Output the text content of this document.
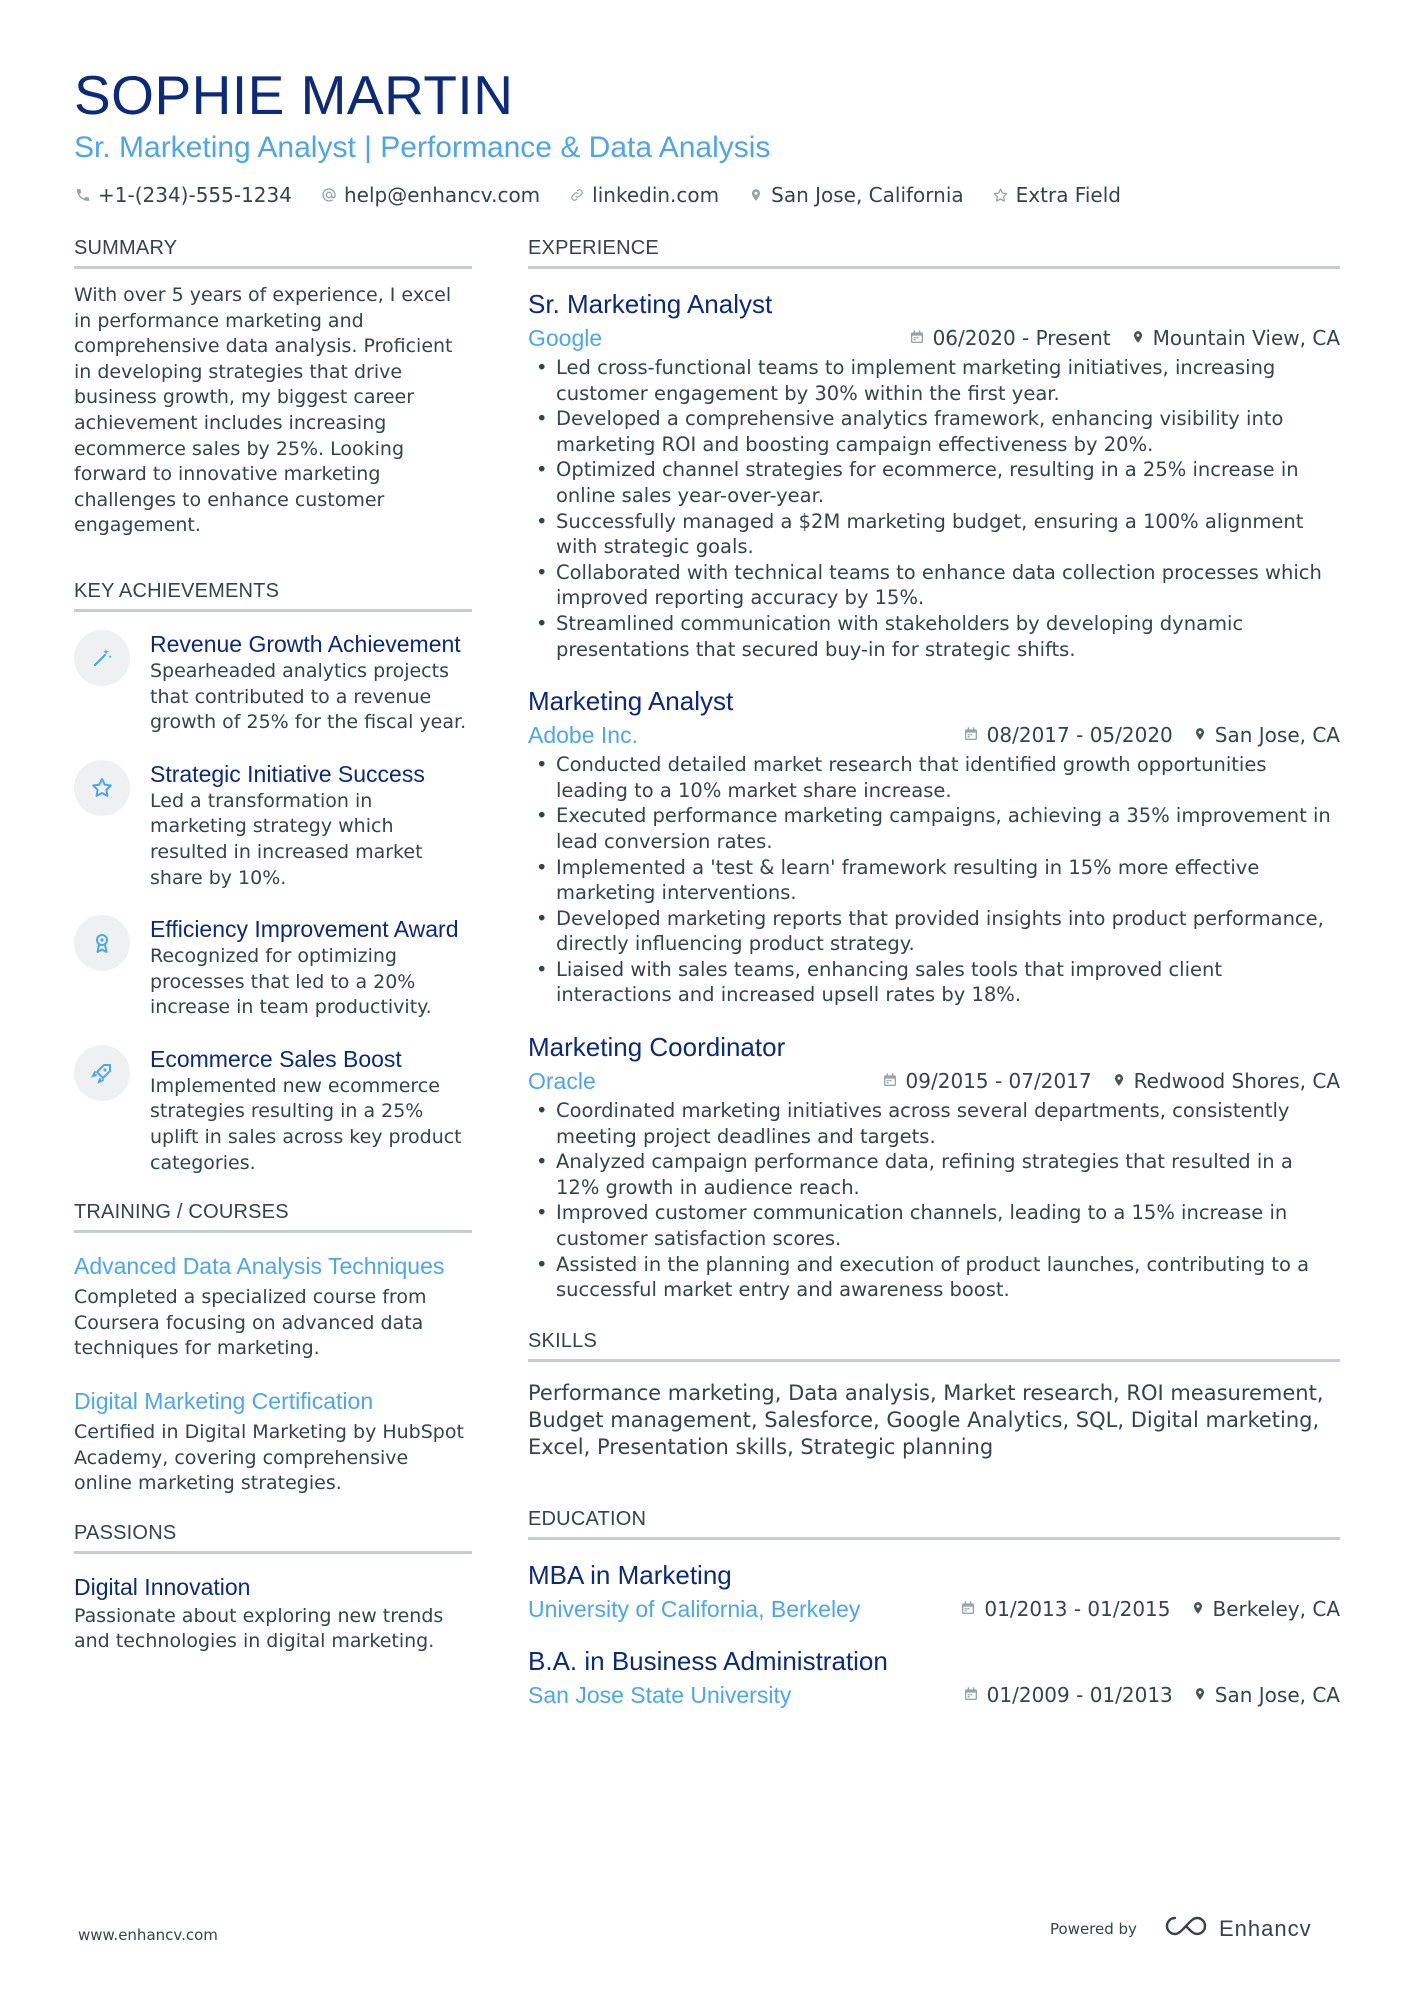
SOPHIE MARTIN
Sr. Marketing Analyst | Performance & Data Analysis
+1-(234)-555-1234	help@enhancv.com	linkedin.com	San Jose, California	Extra Field
SUMMARY
With over 5 years of experience, I excel in performance marketing and comprehensive data analysis. Proficient in developing strategies that drive business growth, my biggest career achievement includes increasing ecommerce sales by 25%. Looking forward to innovative marketing challenges to enhance customer engagement.
KEY ACHIEVEMENTS
Revenue Growth Achievement
Spearheaded analytics projects that contributed to a revenue growth of 25% for the fiscal year.
Strategic Initiative Success
Led a transformation in marketing strategy which resulted in increased market share by 10%.
Efficiency Improvement Award
Recognized for optimizing processes that led to a 20% increase in team productivity.
Ecommerce Sales Boost
Implemented new ecommerce strategies resulting in a 25% uplift in sales across key product categories.
TRAINING / COURSES
Advanced Data Analysis Techniques
Completed a specialized course from Coursera focusing on advanced data techniques for marketing.
Digital Marketing Certification
Certified in Digital Marketing by HubSpot Academy, covering comprehensive online marketing strategies.
PASSIONS
Digital Innovation
Passionate about exploring new trends and technologies in digital marketing.
EXPERIENCE
Sr. Marketing Analyst
Google	06/2020 - Present Mountain View, CA
• Led cross-functional teams to implement marketing initiatives, increasing customer engagement by 30% within the first year.
• Developed a comprehensive analytics framework, enhancing visibility into marketing ROI and boosting campaign effectiveness by 20%.
• Optimized channel strategies for ecommerce, resulting in a 25% increase in online sales year-over-year.
• Successfully managed a $2M marketing budget, ensuring a 100% alignment with strategic goals.
• Collaborated with technical teams to enhance data collection processes which improved reporting accuracy by 15%.
• Streamlined communication with stakeholders by developing dynamic presentations that secured buy-in for strategic shifts.
Marketing Analyst
Adobe Inc.	08/2017 - 05/2020 San Jose, CA
• Conducted detailed market research that identified growth opportunities leading to a 10% market share increase.
• Executed performance marketing campaigns, achieving a 35% improvement in lead conversion rates.
• Implemented a 'test & learn' framework resulting in 15% more effective marketing interventions.
• Developed marketing reports that provided insights into product performance, directly influencing product strategy.
• Liaised with sales teams, enhancing sales tools that improved client interactions and increased upsell rates by 18%.
Marketing Coordinator
Oracle	09/2015 - 07/2017 Redwood Shores, CA
• Coordinated marketing initiatives across several departments, consistently meeting project deadlines and targets.
• Analyzed campaign performance data, refining strategies that resulted in a 12% growth in audience reach.
• Improved customer communication channels, leading to a 15% increase in customer satisfaction scores.
• Assisted in the planning and execution of product launches, contributing to a successful market entry and awareness boost.
SKILLS
Performance marketing, Data analysis, Market research, ROI measurement, Budget management, Salesforce, Google Analytics, SQL, Digital marketing, Excel, Presentation skills, Strategic planning
EDUCATION
MBA in Marketing
University of California, Berkeley	01/2013 - 01/2015 Berkeley, CA
B.A. in Business Administration
San Jose State University	01/2009 - 01/2013 San Jose, CA
www.enhancv.com	Powered by	Enhancv
